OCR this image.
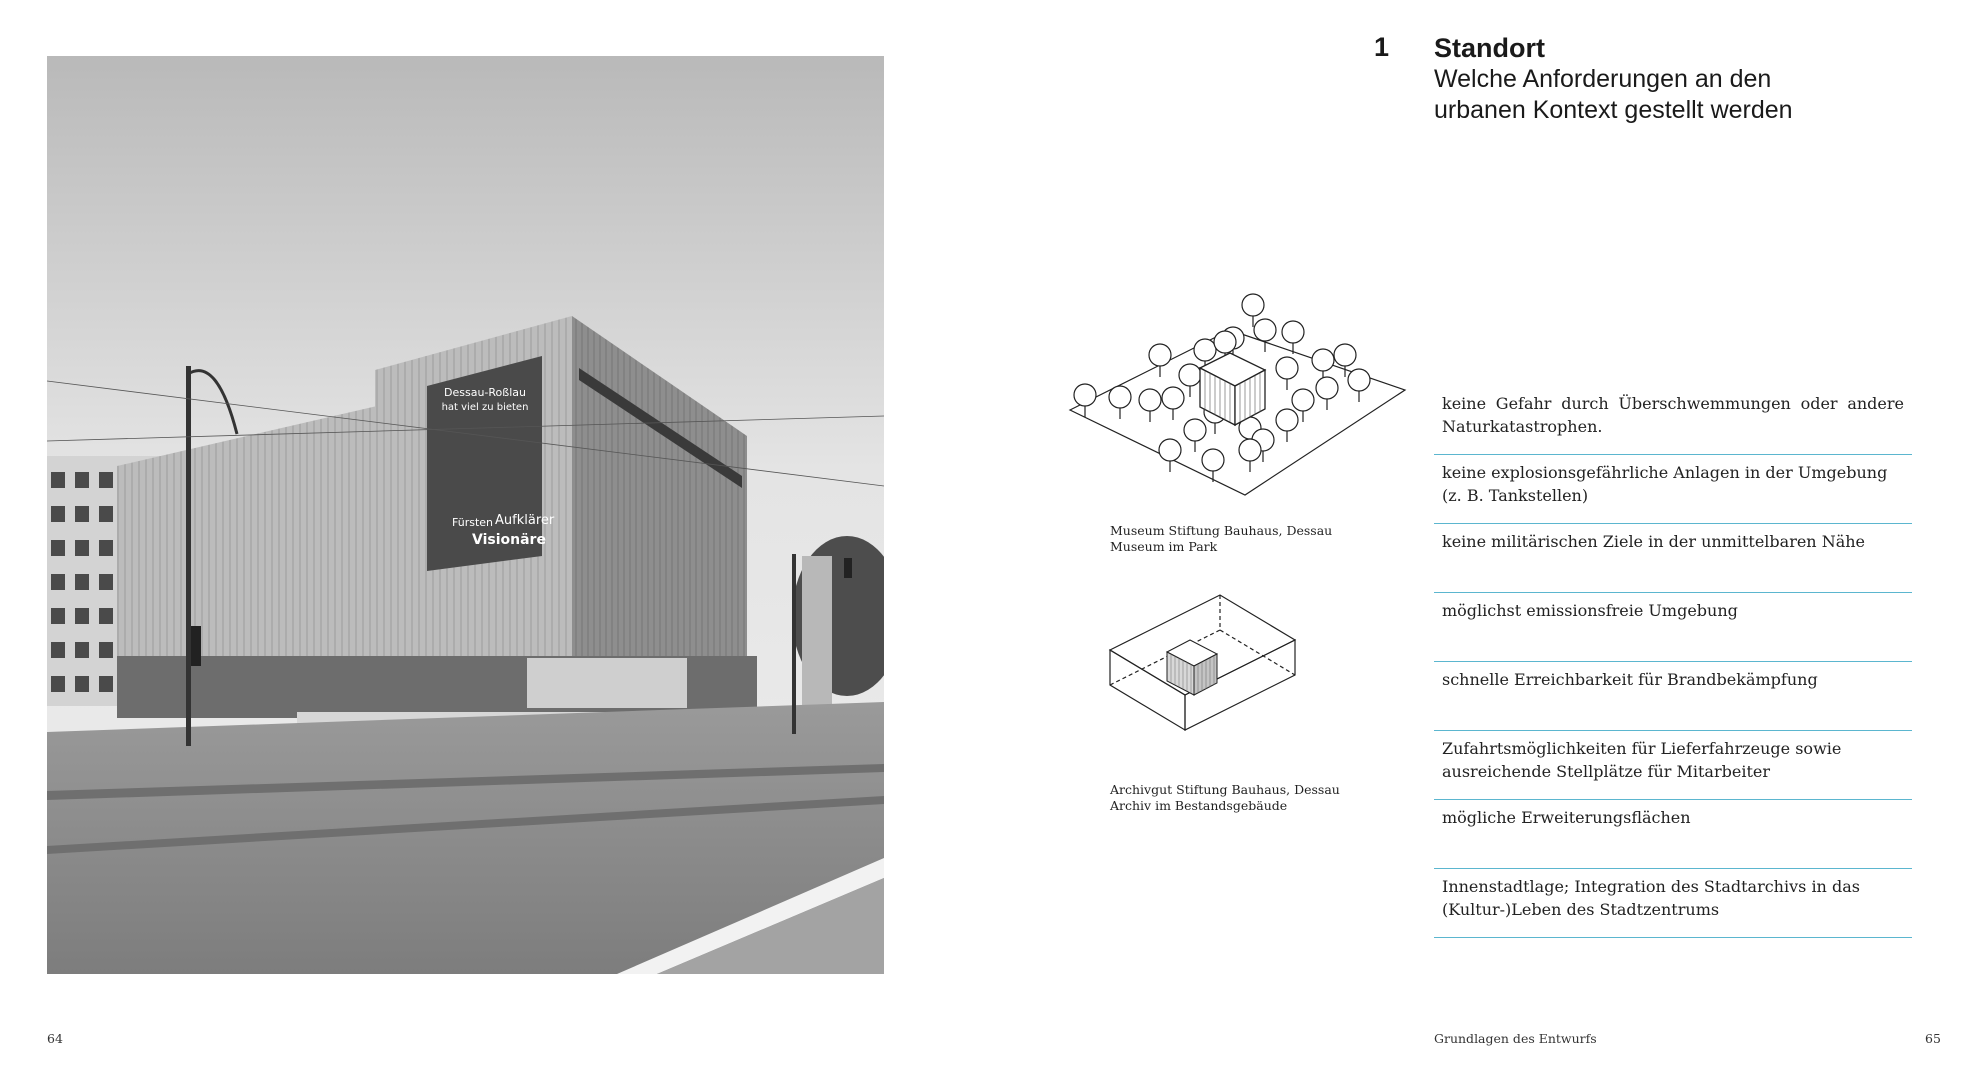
Dessau-Roßlau
hat viel zu bieten
Fürsten Aufklärer
Visionäre
1 Standort
Welche Anforderungen an den
urbanen Kontext gestellt werden
Museum Stiftung Bauhaus, Dessau
Museum im Park
Archivgut Stiftung Bauhaus, Dessau
Archiv im Bestandsgebäude
keine Gefahr durch Überschwemmungen oder andere
Naturkatastrophen.
keine explosionsgefährliche Anlagen in der Umgebung
(z. B. Tankstellen)
keine militärischen Ziele in der unmittelbaren Nähe
möglichst emissionsfreie Umgebung
schnelle Erreichbarkeit für Brandbekämpfung
Zufahrtsmöglichkeiten für Lieferfahrzeuge sowie
ausreichende Stellplätze für Mitarbeiter
mögliche Erweiterungsflächen
Innenstadtlage; Integration des Stadtarchivs in das
(Kultur-)Leben des Stadtzentrums
64	Grundlagen des Entwurfs	65
